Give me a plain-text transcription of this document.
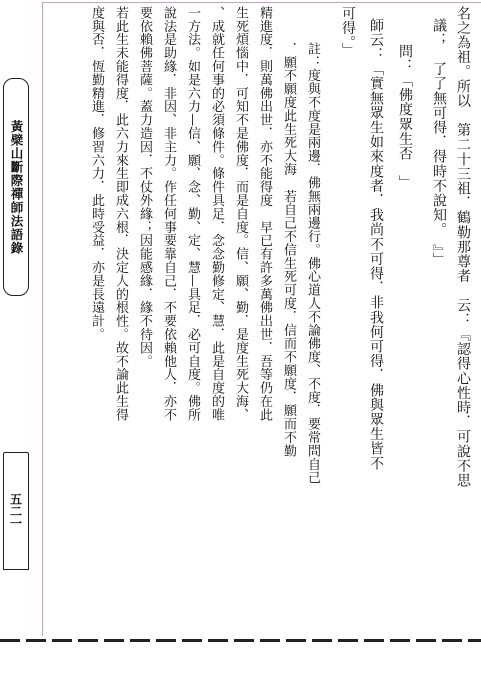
黃檗山斷際禪師法語錄
五二一
名之為祖。所以　第二十三祖．鶴勒那尊者　云：『認得心性時．可說不思
議；　了了無可得．得時不說知。　』」
問：「佛度眾生否　」
師云：「實無眾生如來度者．我尚不可得．非我何可得．佛與眾生皆不
可得。」
註：度與不度是兩邊．佛無兩邊行。佛心道人不論佛度、不度．要常問自己
．願不願度此生死大海　若自己不信生死可度．信而不願度．願而不勤
精進度．則萬佛出世．亦不能得度　早已有許多萬佛出世．吾等仍在此
生死煩惱中．可知不是佛度．而是自度。信、願、勤．是度生死大海、
、成就任何事的必須條件。條件具足．念念勤修定、慧．此是自度的唯
一方法。如是六力—信、願、念、勤、定、慧—具足．必可自度。佛所
說法是助緣．非因、非主力。作任何事要靠自己．不要依賴他人．亦不
要依賴佛菩薩。蓋力造因．不仗外緣；因能感緣．緣不待因。
若此生未能得度．此六力來生即成六根．決定人的根性。故不論此生得
度與否．恆勤精進．修習六力．此時受益．亦是長遠計。
